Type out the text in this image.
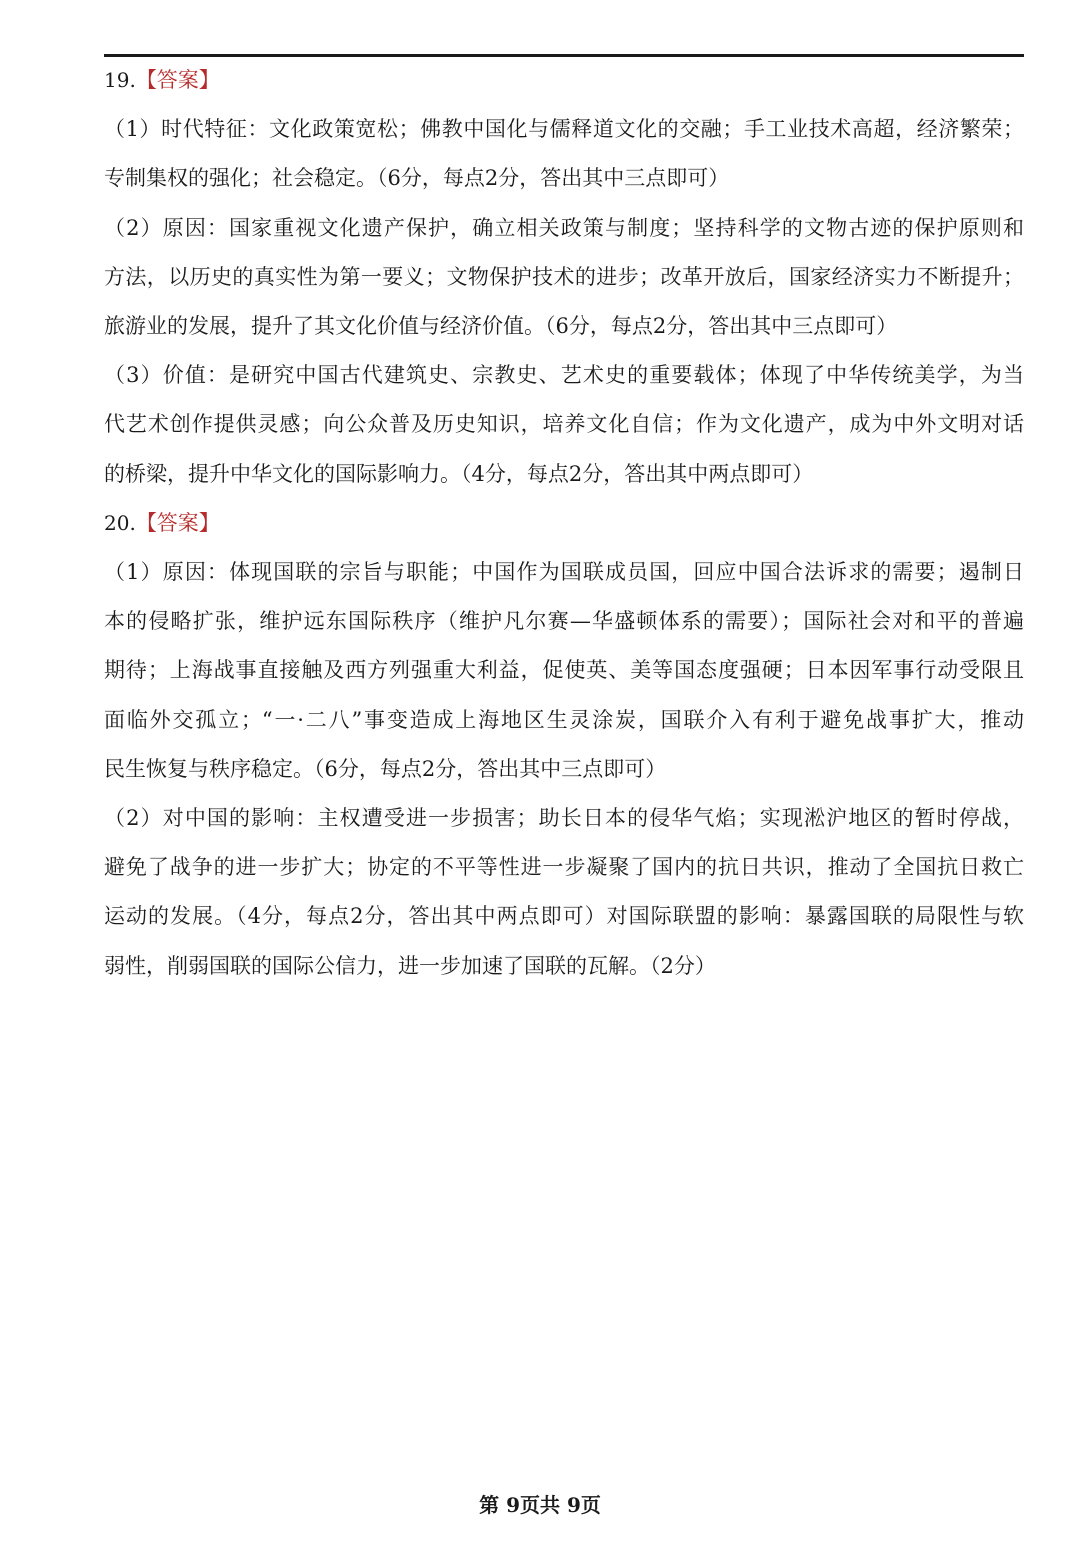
19.【答案】
（1）时代特征：文化政策宽松；佛教中国化与儒释道文化的交融；手工业技术高超，经济繁荣；
专制集权的强化；社会稳定。（6分，每点2分，答出其中三点即可）
（2）原因：国家重视文化遗产保护，确立相关政策与制度；坚持科学的文物古迹的保护原则和
方法，以历史的真实性为第一要义；文物保护技术的进步；改革开放后，国家经济实力不断提升；
旅游业的发展，提升了其文化价值与经济价值。（6分，每点2分，答出其中三点即可）
（3）价值：是研究中国古代建筑史、宗教史、艺术史的重要载体；体现了中华传统美学，为当
代艺术创作提供灵感；向公众普及历史知识，培养文化自信；作为文化遗产，成为中外文明对话
的桥梁，提升中华文化的国际影响力。（4分，每点2分，答出其中两点即可）
20.【答案】
（1）原因：体现国联的宗旨与职能；中国作为国联成员国，回应中国合法诉求的需要；遏制日
本的侵略扩张，维护远东国际秩序（维护凡尔赛—华盛顿体系的需要）；国际社会对和平的普遍
期待；上海战事直接触及西方列强重大利益，促使英、美等国态度强硬；日本因军事行动受限且
面临外交孤立；“一·二八”事变造成上海地区生灵涂炭，国联介入有利于避免战事扩大，推动
民生恢复与秩序稳定。（6分，每点2分，答出其中三点即可）
（2）对中国的影响：主权遭受进一步损害；助长日本的侵华气焰；实现淞沪地区的暂时停战，
避免了战争的进一步扩大；协定的不平等性进一步凝聚了国内的抗日共识，推动了全国抗日救亡
运动的发展。（4分，每点2分，答出其中两点即可）对国际联盟的影响：暴露国联的局限性与软
弱性，削弱国联的国际公信力，进一步加速了国联的瓦解。（2分）
第 9页共 9页
